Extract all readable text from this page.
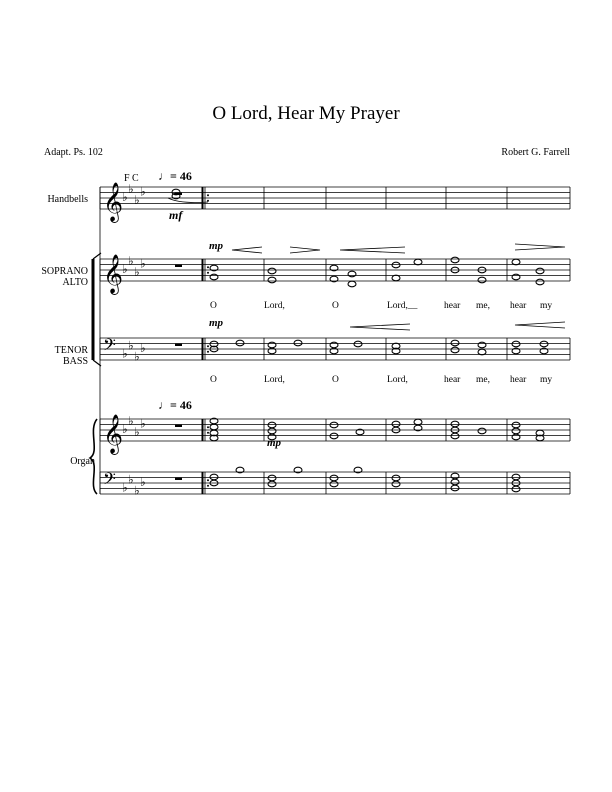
O Lord, Hear My Prayer
Adapt. Ps. 102	Robert G. Farrell
Handbells
SOPRANO
ALTO
TENOR
BASS
Organ
F C ♩= 46
♩= 46
mf
mp
mp
mp
O	Lord,	O	Lord,__	hear me, hear my
O	Lord,	O	Lord,	hear me, hear my
𝄞
♭
♭
♭
♭
𝄞
♭
♭
♭
♭
𝄢 ♭
♭
♭
♭
𝄞
♭
♭
♭
♭
𝄢 ♭
♭
♭
♭
